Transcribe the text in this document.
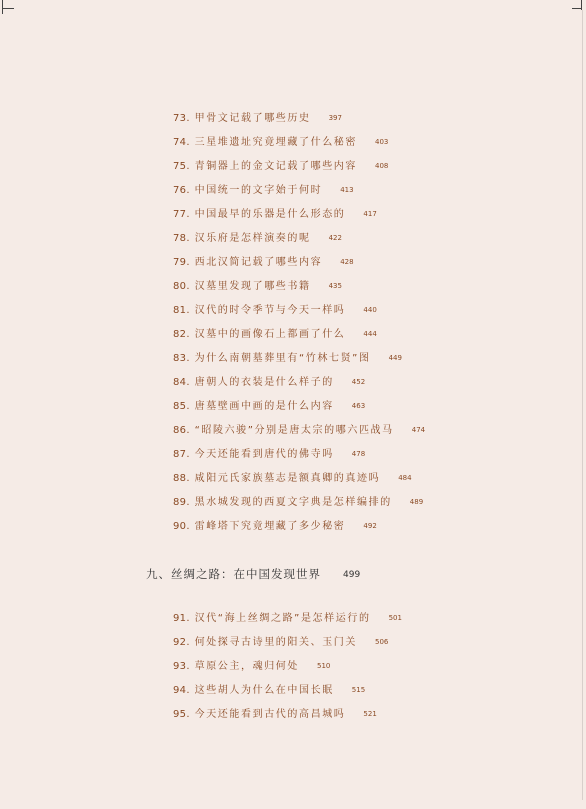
73. 甲骨文记载了哪些历史	397
74. 三星堆遗址究竟埋藏了什么秘密	403
75. 青铜器上的金文记载了哪些内容	408
76. 中国统一的文字始于何时	413
77. 中国最早的乐器是什么形态的	417
78. 汉乐府是怎样演奏的呢	422
79. 西北汉简记载了哪些内容	428
80. 汉墓里发现了哪些书籍	435
81. 汉代的时令季节与今天一样吗	440
82. 汉墓中的画像石上都画了什么	444
83. 为什么南朝墓葬里有“竹林七贤”图	449
84. 唐朝人的衣装是什么样子的	452
85. 唐墓壁画中画的是什么内容	463
86. “昭陵六骏”分别是唐太宗的哪六匹战马	474
87. 今天还能看到唐代的佛寺吗	478
88. 咸阳元氏家族墓志是额真卿的真迹吗	484
89. 黑水城发现的西夏文字典是怎样编排的	489
90. 雷峰塔下究竟埋藏了多少秘密	492
九、丝绸之路：在中国发现世界 499
91. 汉代“海上丝绸之路”是怎样运行的	501
92. 何处探寻古诗里的阳关、玉门关	506
93. 草原公主，魂归何处	510
94. 这些胡人为什么在中国长眠	515
95. 今天还能看到古代的高昌城吗	521
